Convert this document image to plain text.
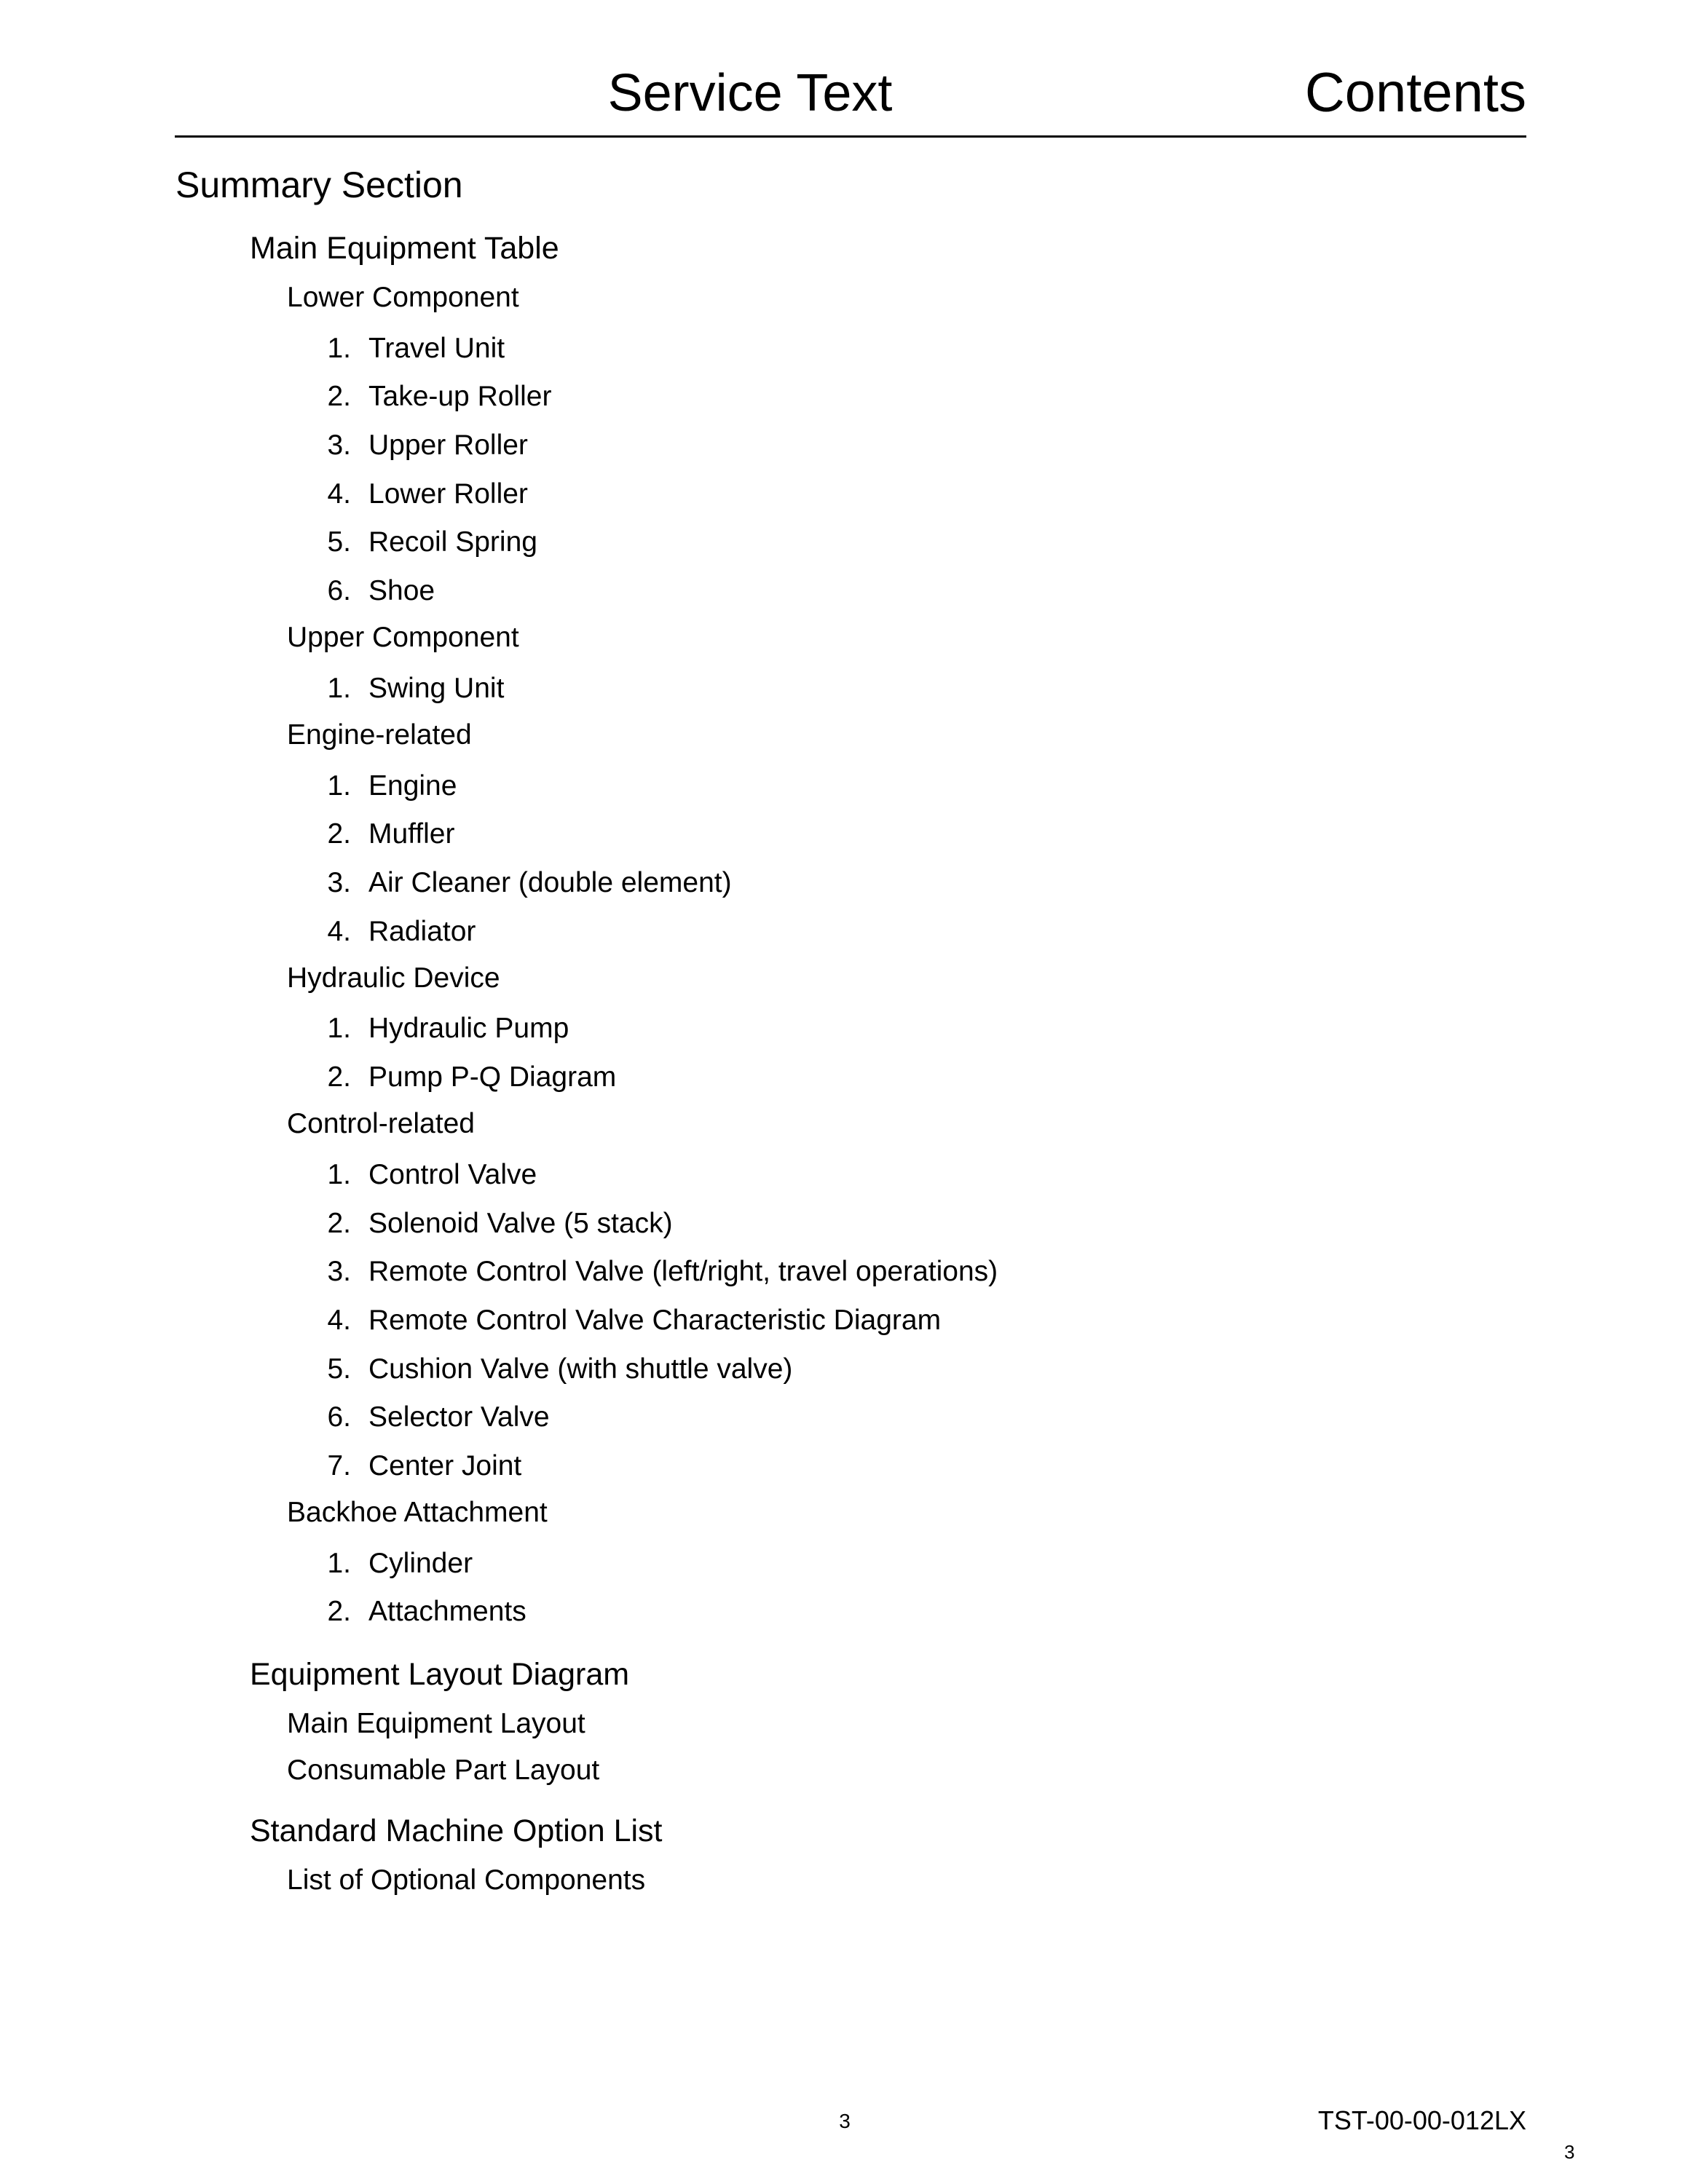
Service Text	Contents
Summary Section
Main Equipment Table
Lower Component
1. Travel Unit
2. Take-up Roller
3. Upper Roller
4. Lower Roller
5. Recoil Spring
6. Shoe
Upper Component
1. Swing Unit
Engine-related
1. Engine
2. Muffler
3. Air Cleaner (double element)
4. Radiator
Hydraulic Device
1. Hydraulic Pump
2. Pump P-Q Diagram
Control-related
1. Control Valve
2. Solenoid Valve (5 stack)
3. Remote Control Valve (left/right, travel operations)
4. Remote Control Valve Characteristic Diagram
5. Cushion Valve (with shuttle valve)
6. Selector Valve
7. Center Joint
Backhoe Attachment
1. Cylinder
2. Attachments
Equipment Layout Diagram
Main Equipment Layout
Consumable Part Layout
Standard Machine Option List
List of Optional Components
3	TST-00-00-012LX
3
